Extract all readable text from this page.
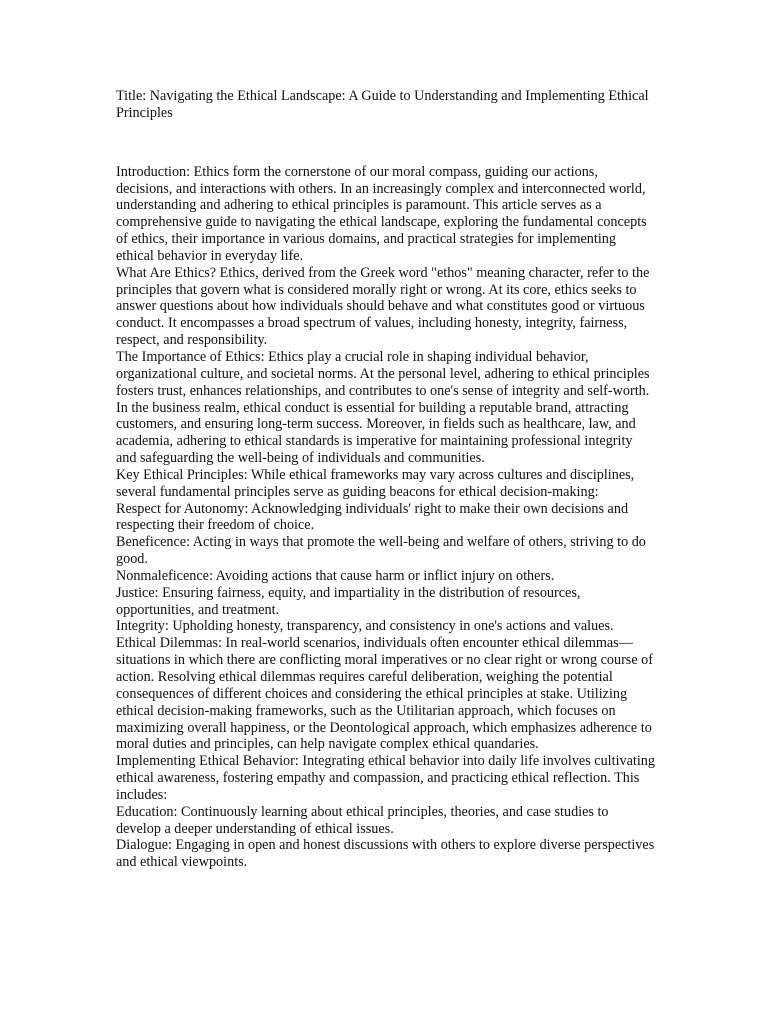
Title: Navigating the Ethical Landscape: A Guide to Understanding and Implementing Ethical Principles

Introduction: Ethics form the cornerstone of our moral compass, guiding our actions, decisions, and interactions with others. In an increasingly complex and interconnected world, understanding and adhering to ethical principles is paramount. This article serves as a comprehensive guide to navigating the ethical landscape, exploring the fundamental concepts of ethics, their importance in various domains, and practical strategies for implementing ethical behavior in everyday life.

What Are Ethics? Ethics, derived from the Greek word "ethos" meaning character, refer to the principles that govern what is considered morally right or wrong. At its core, ethics seeks to answer questions about how individuals should behave and what constitutes good or virtuous conduct. It encompasses a broad spectrum of values, including honesty, integrity, fairness, respect, and responsibility.

The Importance of Ethics: Ethics play a crucial role in shaping individual behavior, organizational culture, and societal norms. At the personal level, adhering to ethical principles fosters trust, enhances relationships, and contributes to one's sense of integrity and self-worth. In the business realm, ethical conduct is essential for building a reputable brand, attracting customers, and ensuring long-term success. Moreover, in fields such as healthcare, law, and academia, adhering to ethical standards is imperative for maintaining professional integrity and safeguarding the well-being of individuals and communities.

Key Ethical Principles: While ethical frameworks may vary across cultures and disciplines, several fundamental principles serve as guiding beacons for ethical decision-making:

Respect for Autonomy: Acknowledging individuals' right to make their own decisions and respecting their freedom of choice.

Beneficence: Acting in ways that promote the well-being and welfare of others, striving to do good.

Nonmaleficence: Avoiding actions that cause harm or inflict injury on others.

Justice: Ensuring fairness, equity, and impartiality in the distribution of resources, opportunities, and treatment.

Integrity: Upholding honesty, transparency, and consistency in one's actions and values.

Ethical Dilemmas: In real-world scenarios, individuals often encounter ethical dilemmas—situations in which there are conflicting moral imperatives or no clear right or wrong course of action. Resolving ethical dilemmas requires careful deliberation, weighing the potential consequences of different choices and considering the ethical principles at stake. Utilizing ethical decision-making frameworks, such as the Utilitarian approach, which focuses on maximizing overall happiness, or the Deontological approach, which emphasizes adherence to moral duties and principles, can help navigate complex ethical quandaries.

Implementing Ethical Behavior: Integrating ethical behavior into daily life involves cultivating ethical awareness, fostering empathy and compassion, and practicing ethical reflection. This includes:

Education: Continuously learning about ethical principles, theories, and case studies to develop a deeper understanding of ethical issues.

Dialogue: Engaging in open and honest discussions with others to explore diverse perspectives and ethical viewpoints.
